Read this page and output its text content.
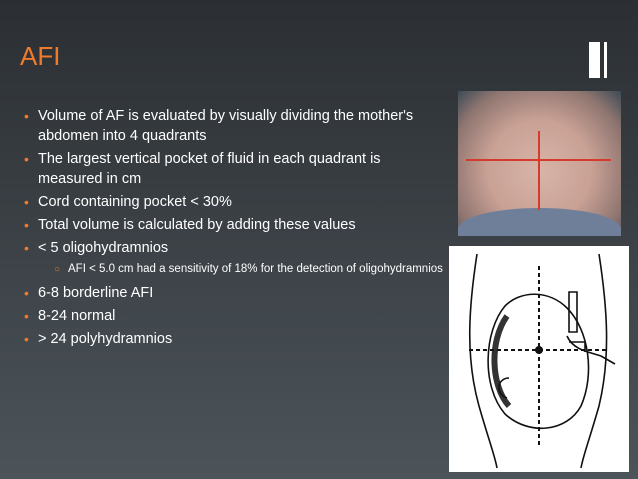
AFI
• Volume of AF is evaluated by visually dividing the mother's abdomen into 4 quadrants
• The largest vertical pocket of fluid in each quadrant is measured in cm
• Cord containing pocket < 30%
• Total volume is calculated by adding these values
• < 5 oligohydramnios
○ AFI < 5.0 cm had a sensitivity of 18% for the detection of oligohydramnios
• 6-8 borderline AFI
• 8-24 normal
• > 24 polyhydramnios
